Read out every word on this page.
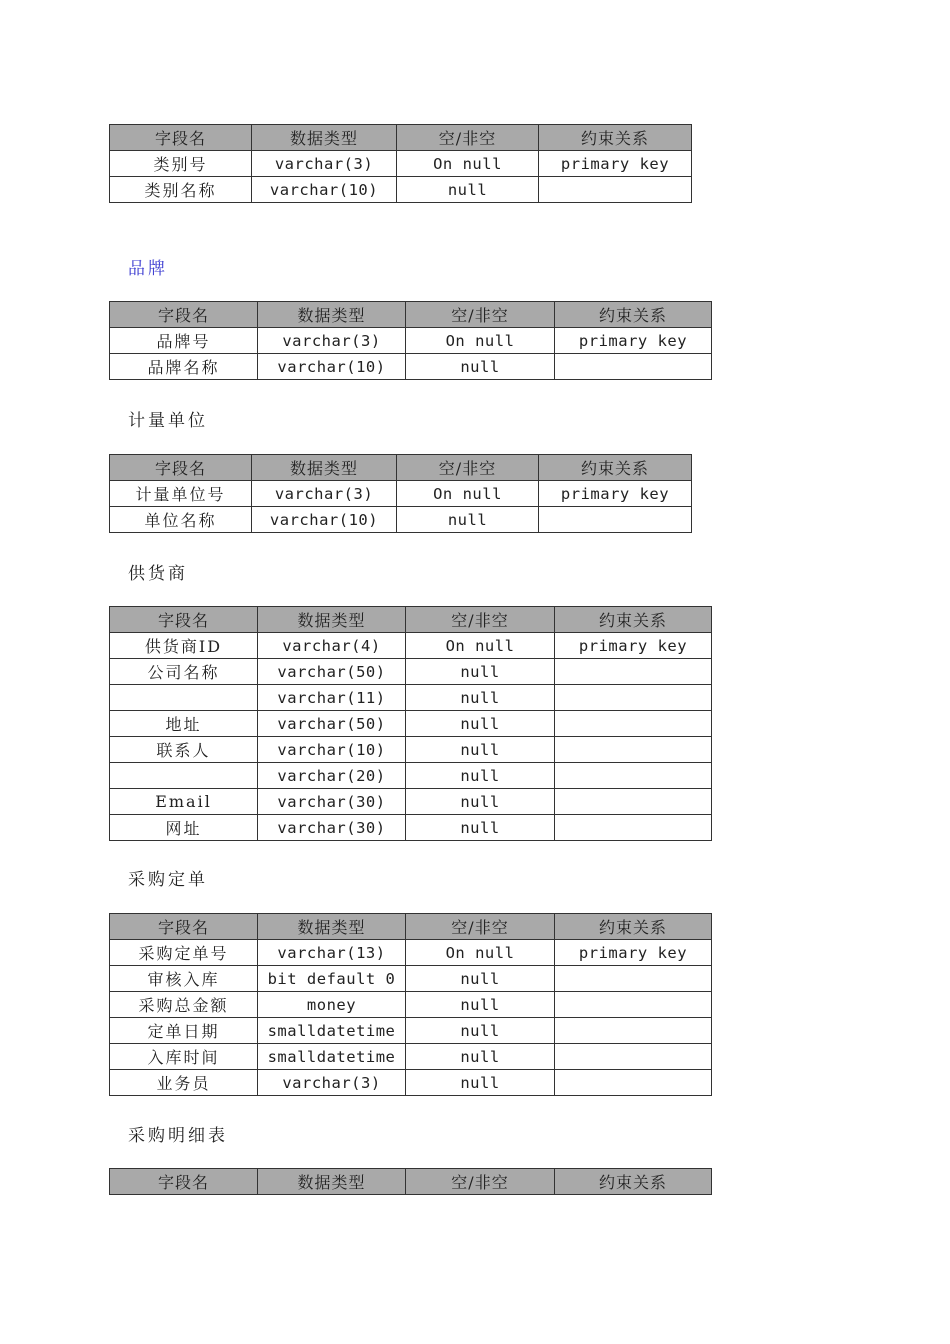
字段名	数据类型	空/非空	约束关系
类别号	varchar(3)	On null	primary key
类别名称	varchar(10)	null	

品牌

字段名	数据类型	空/非空	约束关系
品牌号	varchar(3)	On null	primary key
品牌名称	varchar(10)	null	

计量单位

字段名	数据类型	空/非空	约束关系
计量单位号	varchar(3)	On null	primary key
单位名称	varchar(10)	null	

供货商

字段名	数据类型	空/非空	约束关系
供货商ID	varchar(4)	On null	primary key
公司名称	varchar(50)	null	
	varchar(11)	null	
地址	varchar(50)	null	
联系人	varchar(10)	null	
	varchar(20)	null	
Email	varchar(30)	null	
网址	varchar(30)	null	

采购定单

字段名	数据类型	空/非空	约束关系
采购定单号	varchar(13)	On null	primary key
审核入库	bit default 0	null	
采购总金额	money	null	
定单日期	smalldatetime	null	
入库时间	smalldatetime	null	
业务员	varchar(3)	null	

采购明细表

字段名	数据类型	空/非空	约束关系
